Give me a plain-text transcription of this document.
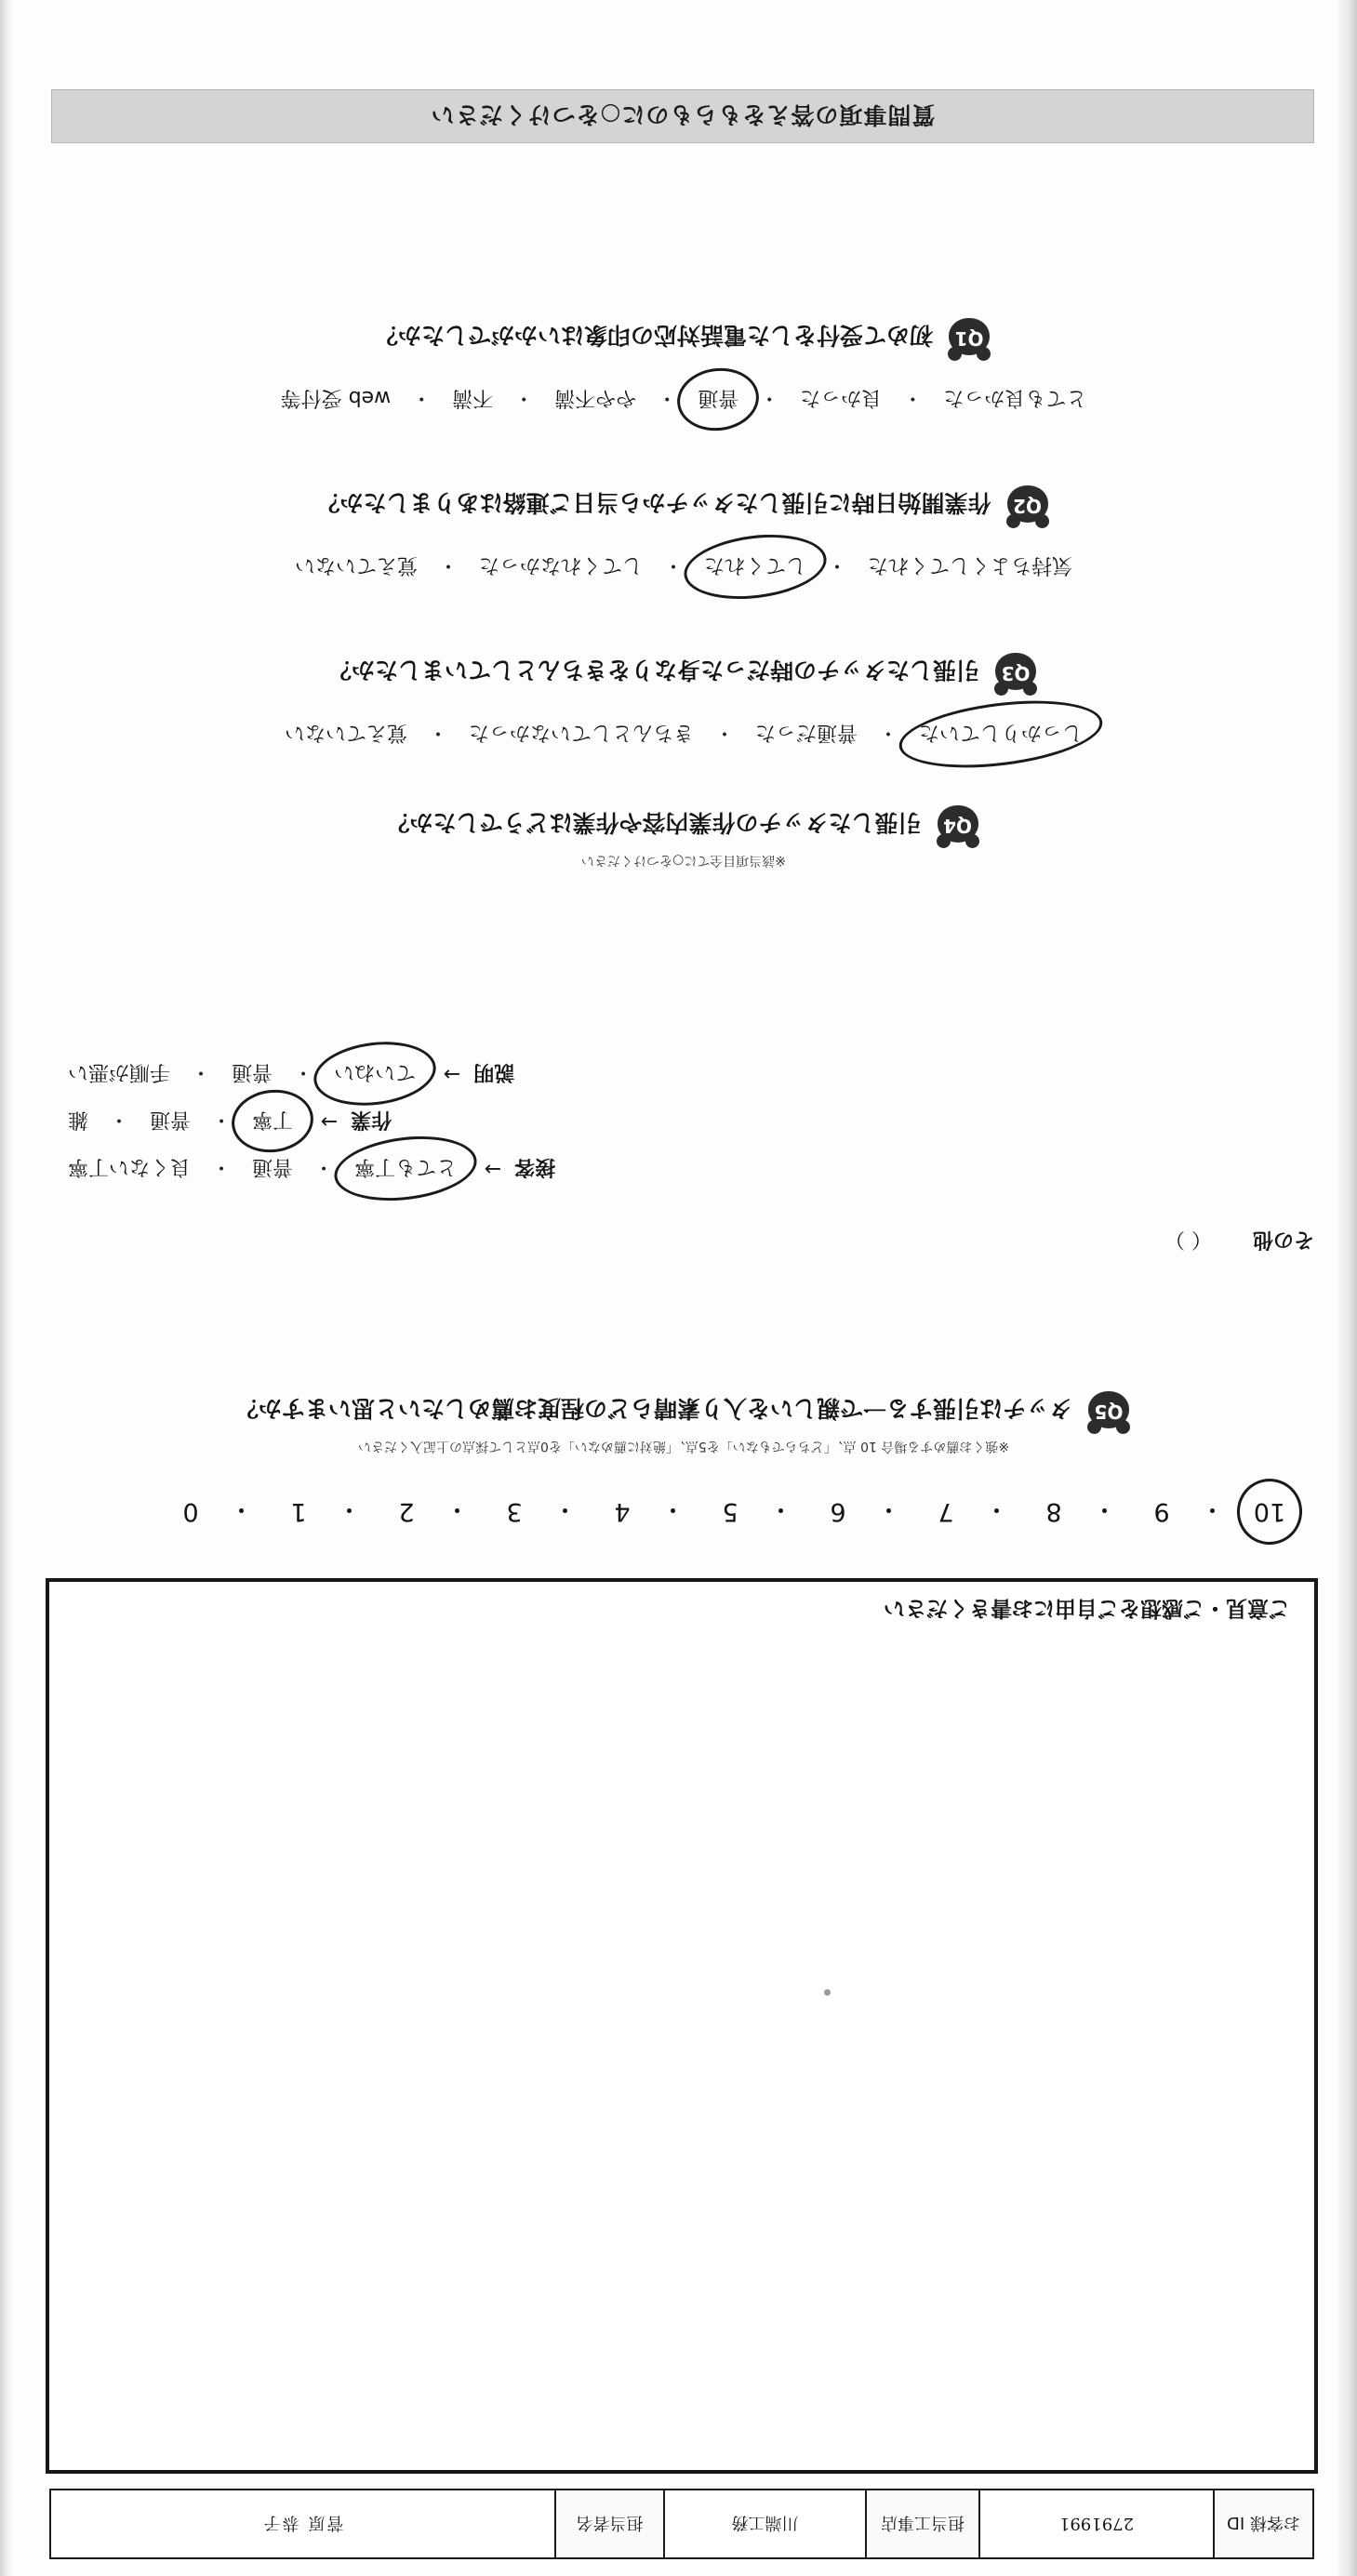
お客様 ID
2791991
担当工事店
川端工務
担当者名
菅原 恭子
ご意見・ご感想をご自由にお書きください
10
・
9
・
8
・
7
・
6
・
5
・
4
・
3
・
2
・
1
・
0
※強くお薦めする場合 10 点、「どちらでもない」を5点、「絶対に薦めない」を0点として採点の上記入ください
Q5
タッチは引張する一で親しいを入り素晴らどの程度お薦めしたいと思いますか？
その他
（ ）
接客
→
とても丁寧
・
普通
・
良くない丁寧
作業
→
丁寧
・
普通
・
雑
説明
→
ていねい
・
普通
・
手順が悪い
※該当項目全てに○をつけください
Q4
引張したタッチの作業内容や作業はどうでしたか？
しっかりしていた
・
普通だった
・
きちんとしていなかった
・
覚えていない
Q3
引張したタッチの時だった身なりをきちんとしていましたか？
気持ちよくしてくれた
・
してくれた
・
してくれなかった
・
覚えていない
Q2
作業開始日時に引張したタッチから当日ご連絡はありましたか？
とても良かった
・
良かった
・
普通
・
やや不満
・
不満
・
web 受付等
Q1
初めて受付をした電話対応の印象はいかがでしたか？
質問事項の答えをもらものに○をつけください
